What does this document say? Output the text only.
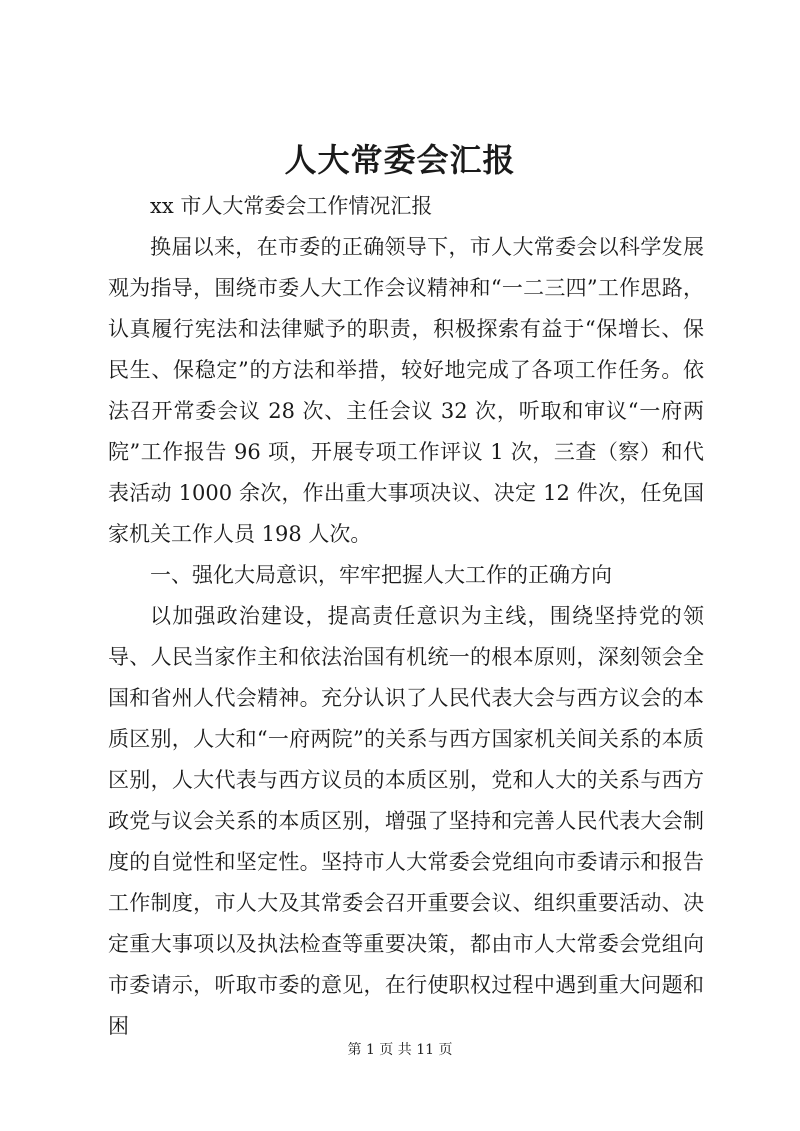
人大常委会汇报

xx 市人大常委会工作情况汇报

换届以来，在市委的正确领导下，市人大常委会以科学发展观为指导，围绕市委人大工作会议精神和“一二三四”工作思路，认真履行宪法和法律赋予的职责，积极探索有益于“保增长、保民生、保稳定”的方法和举措，较好地完成了各项工作任务。依法召开常委会议 28 次、主任会议 32 次，听取和审议“一府两院”工作报告 96 项，开展专项工作评议 1 次，三查（察）和代表活动 1000 余次，作出重大事项决议、决定 12 件次，任免国家机关工作人员 198 人次。

一、强化大局意识，牢牢把握人大工作的正确方向

以加强政治建设，提高责任意识为主线，围绕坚持党的领导、人民当家作主和依法治国有机统一的根本原则，深刻领会全国和省州人代会精神。充分认识了人民代表大会与西方议会的本质区别，人大和“一府两院”的关系与西方国家机关间关系的本质区别，人大代表与西方议员的本质区别，党和人大的关系与西方政党与议会关系的本质区别，增强了坚持和完善人民代表大会制度的自觉性和坚定性。坚持市人大常委会党组向市委请示和报告工作制度，市人大及其常委会召开重要会议、组织重要活动、决定重大事项以及执法检查等重要决策，都由市人大常委会党组向市委请示，听取市委的意见，在行使职权过程中遇到重大问题和困

第 1 页 共 11 页
